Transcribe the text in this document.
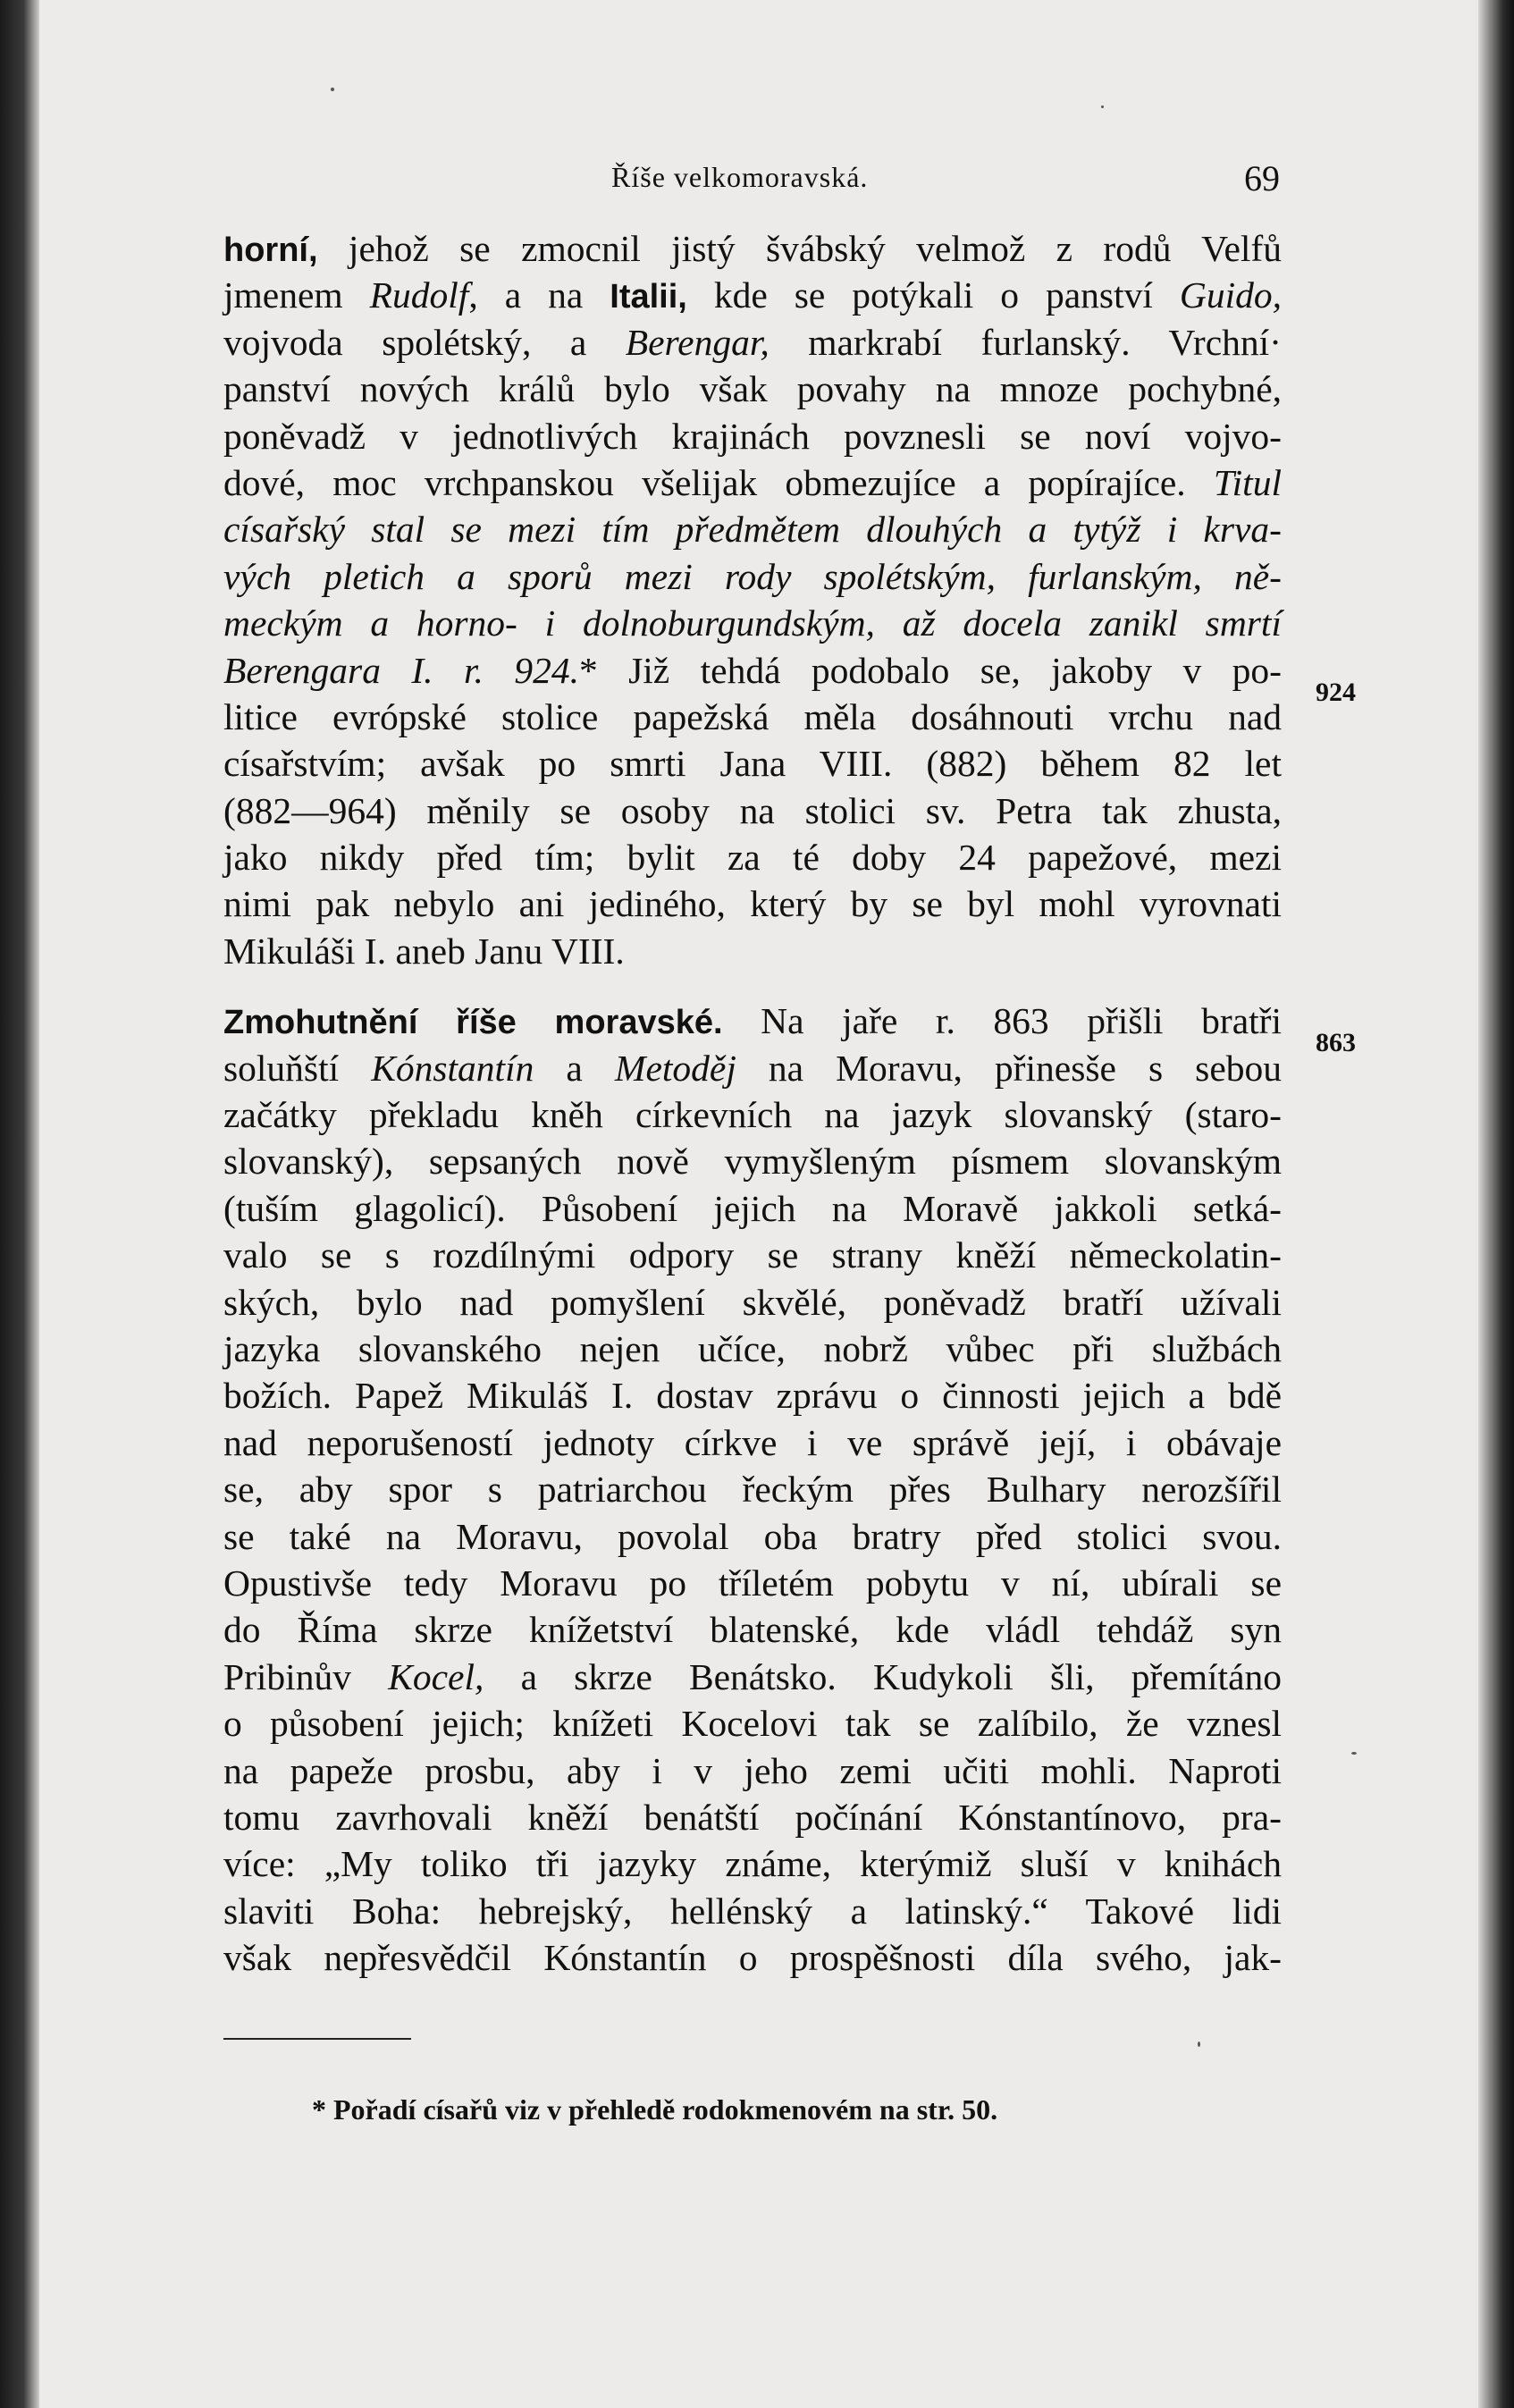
Říše velkomoravská.	69
horní, jehož se zmocnil jistý švábský velmož z rodů Velfů
jmenem Rudolf, a na Italii, kde se potýkali o panství Guido,
vojvoda spolétský, a Berengar, markrabí furlanský. Vrchní·
panství nových králů bylo však povahy na mnoze pochybné,
poněvadž v jednotlivých krajinách povznesli se noví vojvo-
dové, moc vrchpanskou všelijak obmezujíce a popírajíce. Titul
císařský stal se mezi tím předmětem dlouhých a tytýž i krva-
vých pletich a sporů mezi rody spolétským, furlanským, ně-
meckým a horno- i dolnoburgundským, až docela zanikl smrtí
Berengara I. r. 924.* Již tehdá podobalo se, jakoby v po-
litice evrópské stolice papežská měla dosáhnouti vrchu nad
císařstvím; avšak po smrti Jana VIII. (882) během 82 let
(882—964) měnily se osoby na stolici sv. Petra tak zhusta,
jako nikdy před tím; bylit za té doby 24 papežové, mezi
nimi pak nebylo ani jediného, který by se byl mohl vyrovnati
Mikuláši I. aneb Janu VIII.
Zmohutnění říše moravské. Na jaře r. 863 přišli bratři
soluňští Kónstantín a Metoděj na Moravu, přinesše s sebou
začátky překladu kněh církevních na jazyk slovanský (staro-
slovanský), sepsaných nově vymyšleným písmem slovanským
(tuším glagolicí). Působení jejich na Moravě jakkoli setká-
valo se s rozdílnými odpory se strany kněží německolatin-
ských, bylo nad pomyšlení skvělé, poněvadž bratří užívali
jazyka slovanského nejen učíce, nobrž vůbec při službách
božích. Papež Mikuláš I. dostav zprávu o činnosti jejich a bdě
nad neporušeností jednoty církve i ve správě její, i obávaje
se, aby spor s patriarchou řeckým přes Bulhary nerozšířil
se také na Moravu, povolal oba bratry před stolici svou.
Opustivše tedy Moravu po tříletém pobytu v ní, ubírali se
do Říma skrze knížetství blatenské, kde vládl tehdáž syn
Pribinův Kocel, a skrze Benátsko. Kudykoli šli, přemítáno
o působení jejich; knížeti Kocelovi tak se zalíbilo, že vznesl
na papeže prosbu, aby i v jeho zemi učiti mohli. Naproti
tomu zavrhovali kněží benátští počínání Kónstantínovo, pra-
více: „My toliko tři jazyky známe, kterýmiž sluší v knihách
slaviti Boha: hebrejský, hellénský a latinský.“ Takové lidi
však nepřesvědčil Kónstantín o prospěšnosti díla svého, jak-
924
863
* Pořadí císařů viz v přehledě rodokmenovém na str. 50.
